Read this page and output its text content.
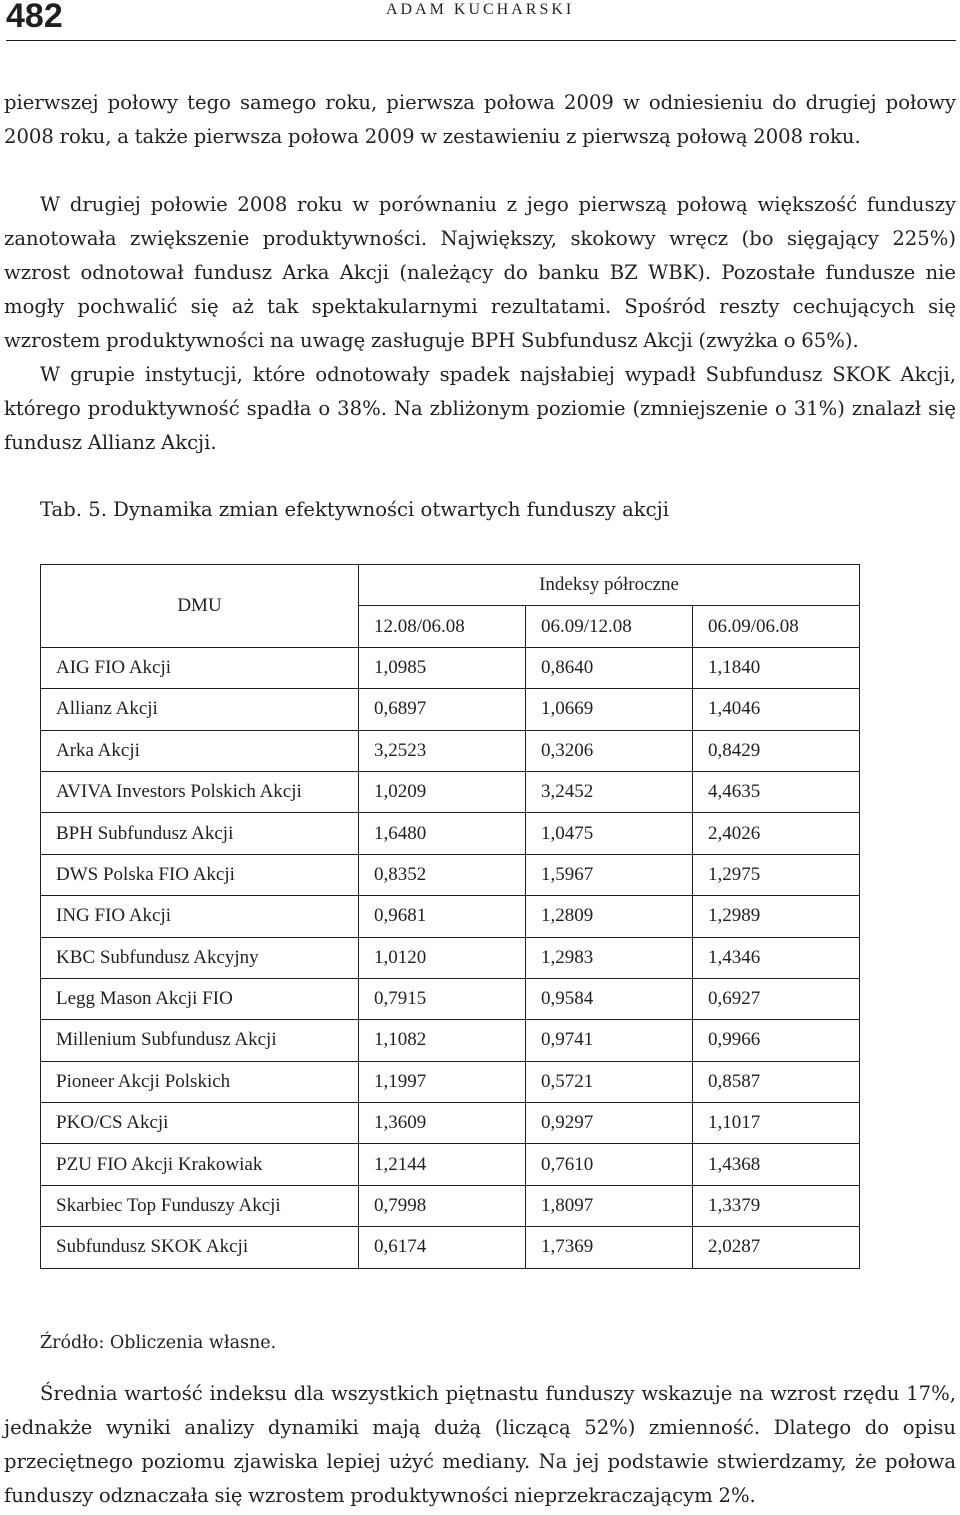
482	ADAM KUCHARSKI

pierwszej połowy tego samego roku, pierwsza połowa 2009 w odniesieniu do drugiej połowy 2008 roku, a także pierwsza połowa 2009 w zestawieniu z pierwszą połową 2008 roku.

W drugiej połowie 2008 roku w porównaniu z jego pierwszą połową większość funduszy zanotowała zwiększenie produktywności. Największy, skokowy wręcz (bo sięgający 225%) wzrost odnotował fundusz Arka Akcji (należący do banku BZ WBK). Pozostałe fundusze nie mogły pochwalić się aż tak spektakularnymi rezultatami. Spośród reszty cechujących się wzrostem produktywności na uwagę zasługuje BPH Subfundusz Akcji (zwyżka o 65%).

W grupie instytucji, które odnotowały spadek najsłabiej wypadł Subfundusz SKOK Akcji, którego produktywność spadła o 38%. Na zbliżonym poziomie (zmniejszenie o 31%) znalazł się fundusz Allianz Akcji.

Tab. 5. Dynamika zmian efektywności otwartych funduszy akcji
DMU	Indeksy półroczne		
	12.08/06.08	06.09/12.08	06.09/06.08
AIG FIO Akcji	1,0985	0,8640	1,1840
Allianz Akcji	0,6897	1,0669	1,4046
Arka Akcji	3,2523	0,3206	0,8429
AVIVA Investors Polskich Akcji	1,0209	3,2452	4,4635
BPH Subfundusz Akcji	1,6480	1,0475	2,4026
DWS Polska FIO Akcji	0,8352	1,5967	1,2975
ING FIO Akcji	0,9681	1,2809	1,2989
KBC Subfundusz Akcyjny	1,0120	1,2983	1,4346
Legg Mason Akcji FIO	0,7915	0,9584	0,6927
Millenium Subfundusz Akcji	1,1082	0,9741	0,9966
Pioneer Akcji Polskich	1,1997	0,5721	0,8587
PKO/CS Akcji	1,3609	0,9297	1,1017
PZU FIO Akcji Krakowiak	1,2144	0,7610	1,4368
Skarbiec Top Funduszy Akcji	0,7998	1,8097	1,3379
Subfundusz SKOK Akcji	0,6174	1,7369	2,0287
Źródło: Obliczenia własne.

Średnia wartość indeksu dla wszystkich piętnastu funduszy wskazuje na wzrost rzędu 17%, jednakże wyniki analizy dynamiki mają dużą (liczącą 52%) zmienność. Dlatego do opisu przeciętnego poziomu zjawiska lepiej użyć mediany. Na jej podstawie stwierdzamy, że połowa funduszy odznaczała się wzrostem produktywności nieprzekraczającym 2%.
